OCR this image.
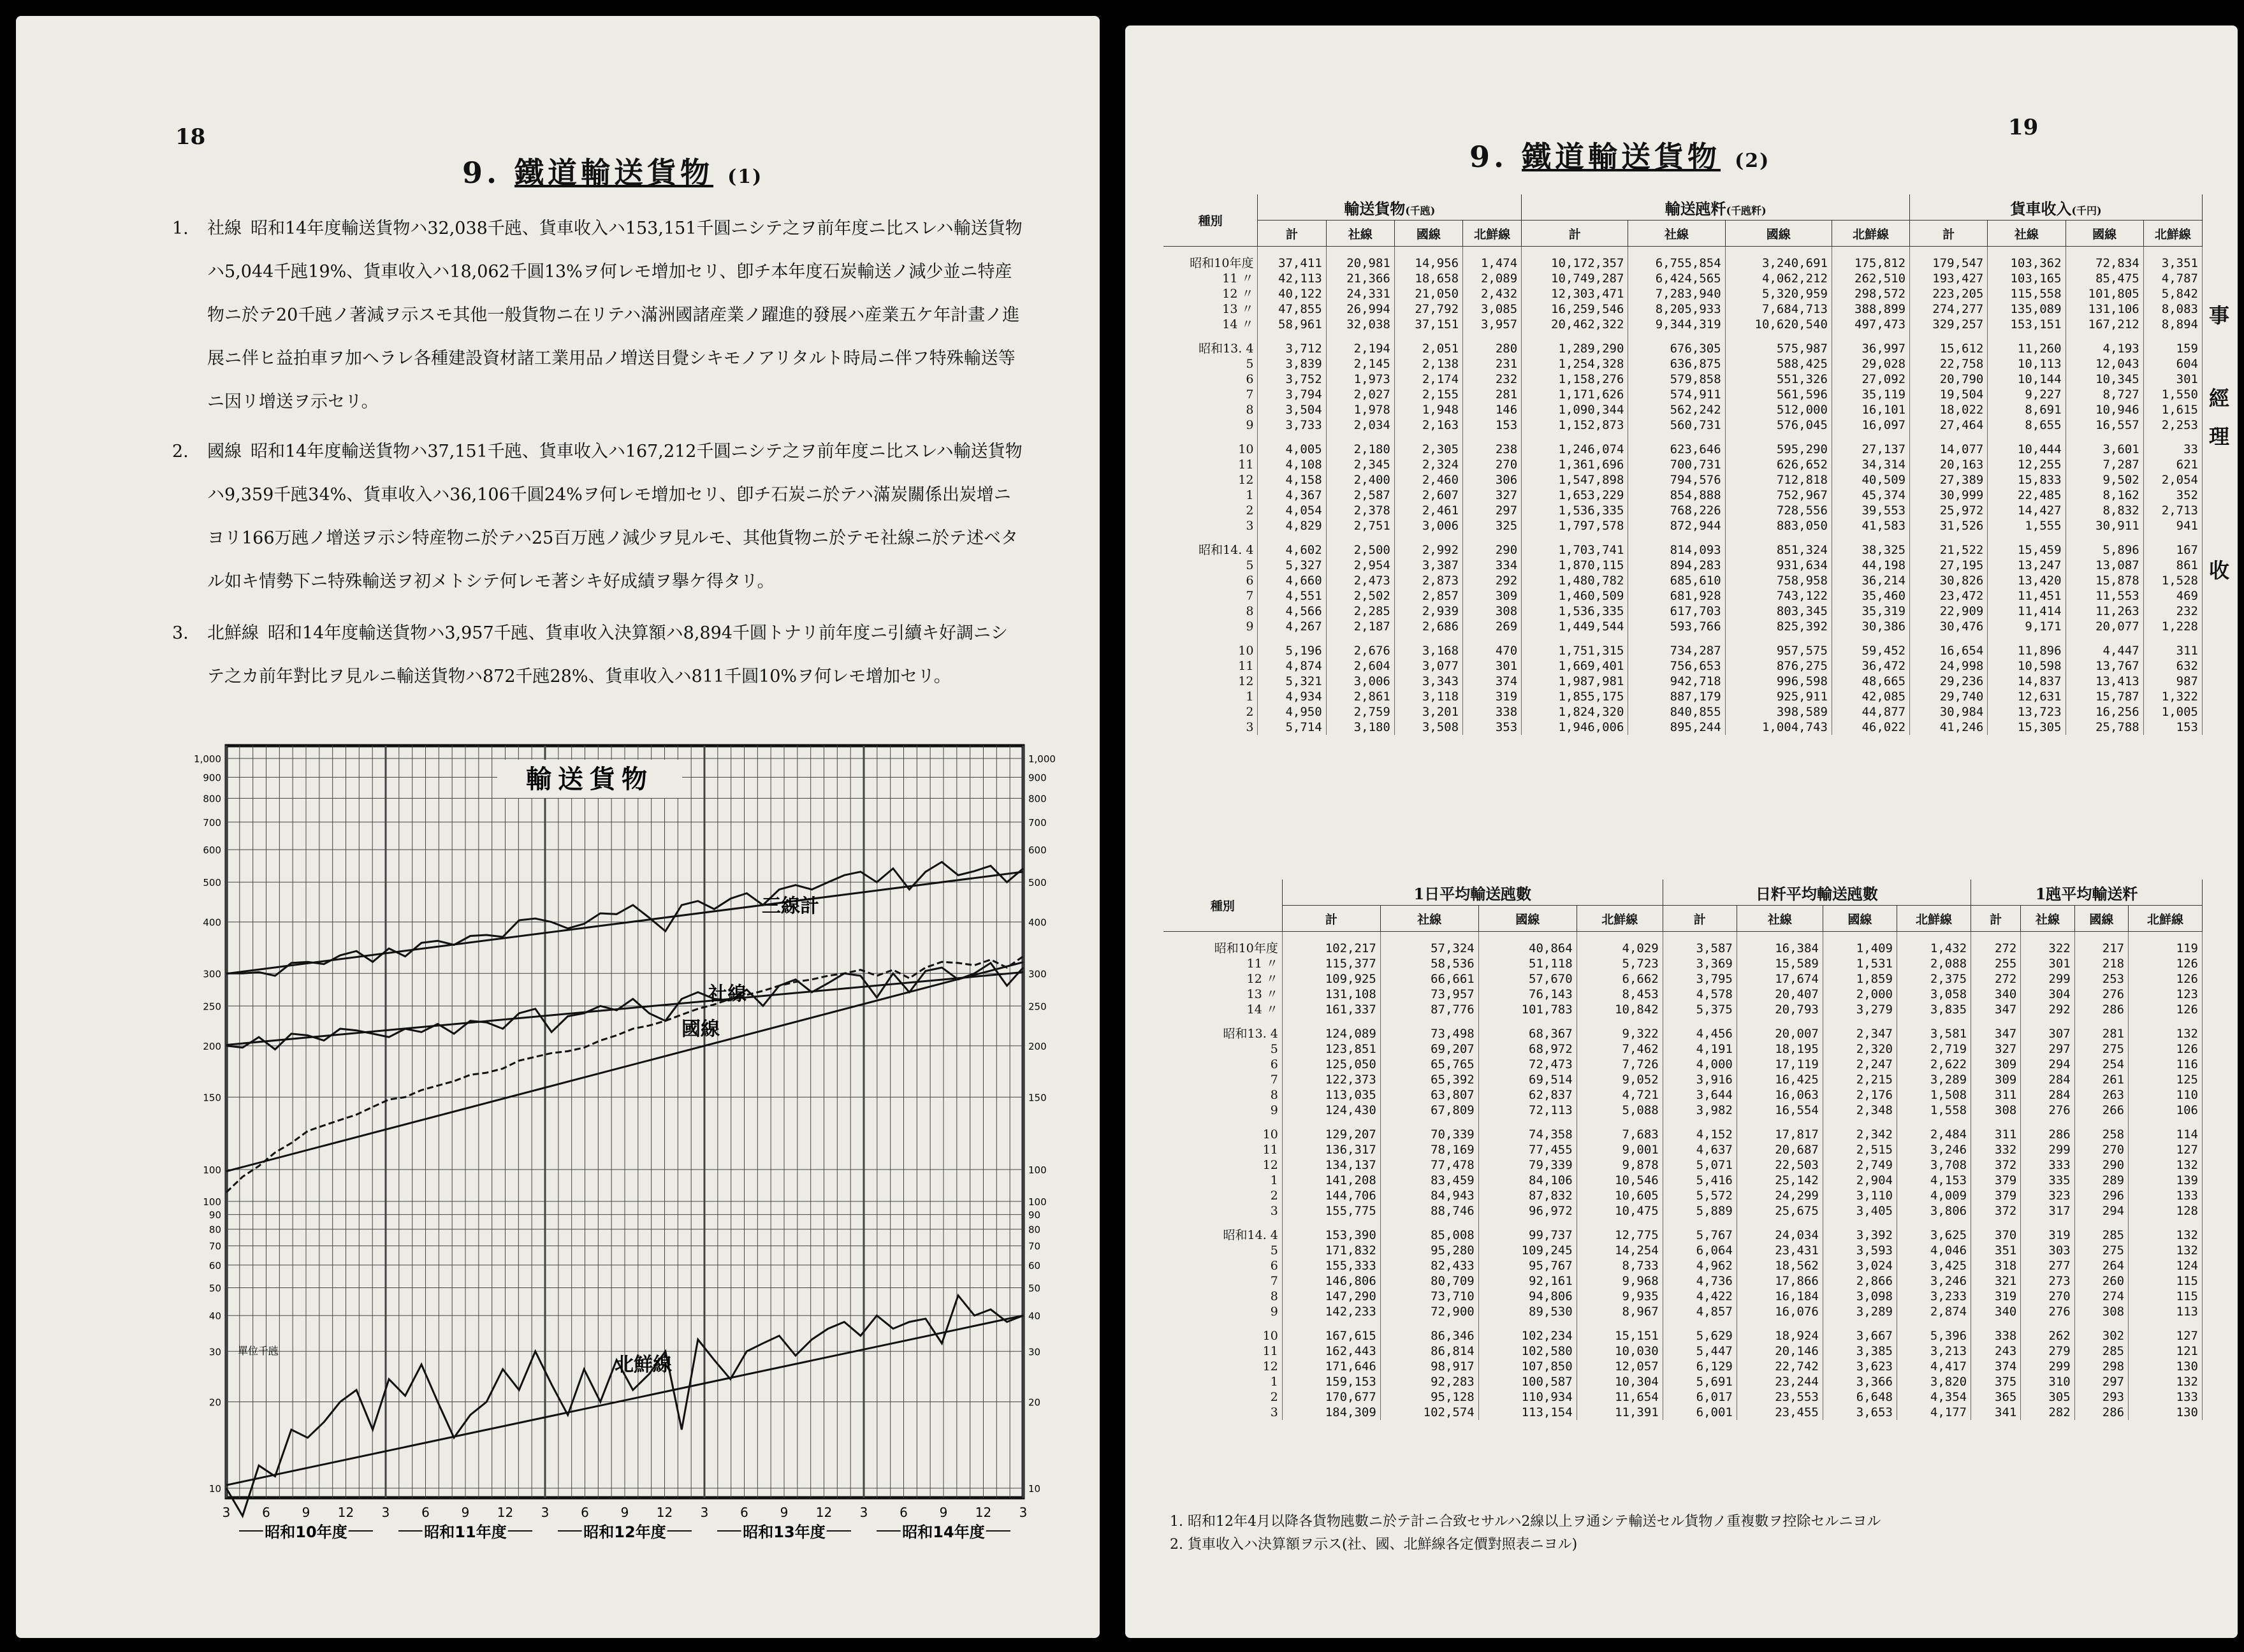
18
9. 鐵道輸送貨物 (1)
1. 社線 昭和14年度輸送貨物ハ32,038千瓲、貨車收入ハ153,151千圓ニシテ之ヲ前年度ニ比スレハ輸送貨物ハ5,044千瓲19%、貨車收入ハ18,062千圓13%ヲ何レモ增加セリ、卽チ本年度石炭輸送ノ減少並ニ特産物ニ於テ20千瓲ノ著減ヲ示スモ其他一般貨物ニ在リテハ滿洲國諸産業ノ躍進的發展ハ産業五ケ年計畫ノ進展ニ伴ヒ益拍車ヲ加ヘラレ各種建設資材諸工業用品ノ増送目覺シキモノアリタルト時局ニ伴フ特殊輸送等ニ因リ增送ヲ示セリ。
2. 國線 昭和14年度輸送貨物ハ37,151千瓲、貨車收入ハ167,212千圓ニシテ之ヲ前年度ニ比スレハ輸送貨物ハ9,359千瓲34%、貨車收入ハ36,106千圓24%ヲ何レモ增加セリ、卽チ石炭ニ於テハ滿炭關係出炭增ニヨリ166万瓲ノ增送ヲ示シ特産物ニ於テハ25百万瓲ノ減少ヲ見ルモ、其他貨物ニ於テモ社線ニ於テ述ベタル如キ情勢下ニ特殊輸送ヲ初メトシテ何レモ著シキ好成績ヲ擧ケ得タリ。
3. 北鮮線 昭和14年度輸送貨物ハ3,957千瓲、貨車收入決算額ハ8,894千圓トナリ前年度ニ引續キ好調ニシテ之カ前年對比ヲ見ルニ輸送貨物ハ872千瓲28%、貨車收入ハ811千圓10%ヲ何レモ增加セリ。
1,000	1,000
900	900
800	800
700	700
600	600
500	500
400	400
300	300
250	250
200	200
150	150
100	100
100	100
90	90
80	80
70	70
60	60
50	50
40	40
30	30
20	20
10	10
單位千瓲
輸送貨物
三線計
社線
國線
北鮮線
3 6 9 12 3 6 9 12 3 6 9 12 3 6 9 12 3 6 9 12 3
昭和10年度	昭和11年度	昭和12年度	昭和13年度	昭和14年度
19
9. 鐵道輸送貨物 (2)
種別	輸送貨物(千瓲)				輸送瓲粁(千瓲粁)				貨車收入(千円)			
	計	社線	國線	北鮮線	計	社線	國線	北鮮線	計	社線	國線	北鮮線

昭和10年度	37,411	20,981	14,956	1,474	10,172,357	6,755,854	3,240,691	175,812	179,547	103,362	72,834	3,351
11 〃	42,113	21,366	18,658	2,089	10,749,287	6,424,565	4,062,212	262,510	193,427	103,165	85,475	4,787
12 〃	40,122	24,331	21,050	2,432	12,303,471	7,283,940	5,320,959	298,572	223,205	115,558	101,805	5,842
13 〃	47,855	26,994	27,792	3,085	16,259,546	8,205,933	7,684,713	388,899	274,277	135,089	131,106	8,083
14 〃	58,961	32,038	37,151	3,957	20,462,322	9,344,319	10,620,540	497,473	329,257	153,151	167,212	8,894

昭和13. 4	3,712	2,194	2,051	280	1,289,290	676,305	575,987	36,997	15,612	11,260	4,193	159
5	3,839	2,145	2,138	231	1,254,328	636,875	588,425	29,028	22,758	10,113	12,043	604
6	3,752	1,973	2,174	232	1,158,276	579,858	551,326	27,092	20,790	10,144	10,345	301
7	3,794	2,027	2,155	281	1,171,626	574,911	561,596	35,119	19,504	9,227	8,727	1,550
8	3,504	1,978	1,948	146	1,090,344	562,242	512,000	16,101	18,022	8,691	10,946	1,615
9	3,733	2,034	2,163	153	1,152,873	560,731	576,045	16,097	27,464	8,655	16,557	2,253

10	4,005	2,180	2,305	238	1,246,074	623,646	595,290	27,137	14,077	10,444	3,601	33
11	4,108	2,345	2,324	270	1,361,696	700,731	626,652	34,314	20,163	12,255	7,287	621
12	4,158	2,400	2,460	306	1,547,898	794,576	712,818	40,509	27,389	15,833	9,502	2,054
1	4,367	2,587	2,607	327	1,653,229	854,888	752,967	45,374	30,999	22,485	8,162	352
2	4,054	2,378	2,461	297	1,536,335	768,226	728,556	39,553	25,972	14,427	8,832	2,713
3	4,829	2,751	3,006	325	1,797,578	872,944	883,050	41,583	31,526	1,555	30,911	941

昭和14. 4	4,602	2,500	2,992	290	1,703,741	814,093	851,324	38,325	21,522	15,459	5,896	167
5	5,327	2,954	3,387	334	1,870,115	894,283	931,634	44,198	27,195	13,247	13,087	861
6	4,660	2,473	2,873	292	1,480,782	685,610	758,958	36,214	30,826	13,420	15,878	1,528
7	4,551	2,502	2,857	309	1,460,509	681,928	743,122	35,460	23,472	11,451	11,553	469
8	4,566	2,285	2,939	308	1,536,335	617,703	803,345	35,319	22,909	11,414	11,263	232
9	4,267	2,187	2,686	269	1,449,544	593,766	825,392	30,386	30,476	9,171	20,077	1,228

10	5,196	2,676	3,168	470	1,751,315	734,287	957,575	59,452	16,654	11,896	4,447	311
11	4,874	2,604	3,077	301	1,669,401	756,653	876,275	36,472	24,998	10,598	13,767	632
12	5,321	3,006	3,343	374	1,987,981	942,718	996,598	48,665	29,236	14,837	13,413	987
1	4,934	2,861	3,118	319	1,855,175	887,179	925,911	42,085	29,740	12,631	15,787	1,322
2	4,950	2,759	3,201	338	1,824,320	840,855	398,589	44,877	30,984	13,723	16,256	1,005
3	5,714	3,180	3,508	353	1,946,006	895,244	1,004,743	46,022	41,246	15,305	25,788	153
種別	1日平均輸送瓲數				日粁平均輸送瓲數				1瓲平均輸送粁			
	計	社線	國線	北鮮線	計	社線	國線	北鮮線	計	社線	國線	北鮮線

昭和10年度	102,217	57,324	40,864	4,029	3,587	16,384	1,409	1,432	272	322	217	119
11 〃	115,377	58,536	51,118	5,723	3,369	15,589	1,531	2,088	255	301	218	126
12 〃	109,925	66,661	57,670	6,662	3,795	17,674	1,859	2,375	272	299	253	126
13 〃	131,108	73,957	76,143	8,453	4,578	20,407	2,000	3,058	340	304	276	123
14 〃	161,337	87,776	101,783	10,842	5,375	20,793	3,279	3,835	347	292	286	126

昭和13. 4	124,089	73,498	68,367	9,322	4,456	20,007	2,347	3,581	347	307	281	132
5	123,851	69,207	68,972	7,462	4,191	18,195	2,320	2,719	327	297	275	126
6	125,050	65,765	72,473	7,726	4,000	17,119	2,247	2,622	309	294	254	116
7	122,373	65,392	69,514	9,052	3,916	16,425	2,215	3,289	309	284	261	125
8	113,035	63,807	62,837	4,721	3,644	16,063	2,176	1,508	311	284	263	110
9	124,430	67,809	72,113	5,088	3,982	16,554	2,348	1,558	308	276	266	106

10	129,207	70,339	74,358	7,683	4,152	17,817	2,342	2,484	311	286	258	114
11	136,317	78,169	77,455	9,001	4,637	20,687	2,515	3,246	332	299	270	127
12	134,137	77,478	79,339	9,878	5,071	22,503	2,749	3,708	372	333	290	132
1	141,208	83,459	84,106	10,546	5,416	25,142	2,904	4,153	379	335	289	139
2	144,706	84,943	87,832	10,605	5,572	24,299	3,110	4,009	379	323	296	133
3	155,775	88,746	96,972	10,475	5,889	25,675	3,405	3,806	372	317	294	128

昭和14. 4	153,390	85,008	99,737	12,775	5,767	24,034	3,392	3,625	370	319	285	132
5	171,832	95,280	109,245	14,254	6,064	23,431	3,593	4,046	351	303	275	132
6	155,333	82,433	95,767	8,733	4,962	18,562	3,024	3,425	318	277	264	124
7	146,806	80,709	92,161	9,968	4,736	17,866	2,866	3,246	321	273	260	115
8	147,290	73,710	94,806	9,935	4,422	16,184	3,098	3,233	319	270	274	115
9	142,233	72,900	89,530	8,967	4,857	16,076	3,289	2,874	340	276	308	113

10	167,615	86,346	102,234	15,151	5,629	18,924	3,667	5,396	338	262	302	127
11	162,443	86,814	102,580	10,030	5,447	20,146	3,385	3,213	243	279	285	121
12	171,646	98,917	107,850	12,057	6,129	22,742	3,623	4,417	374	299	298	130
1	159,153	92,283	100,587	10,304	5,691	23,244	3,366	3,820	375	310	297	132
2	170,677	95,128	110,934	11,654	6,017	23,553	6,648	4,354	365	305	293	133
3	184,309	102,574	113,154	11,391	6,001	23,455	3,653	4,177	341	282	286	130
事
經
理
收
1. 昭和12年4月以降各貨物瓲數ニ於テ計ニ合致セサルハ2線以上ヲ通シテ輸送セル貨物ノ重複數ヲ控除セルニヨル
2. 貨車收入ハ決算額ヲ示ス(社、國、北鮮線各定價對照表ニヨル)
